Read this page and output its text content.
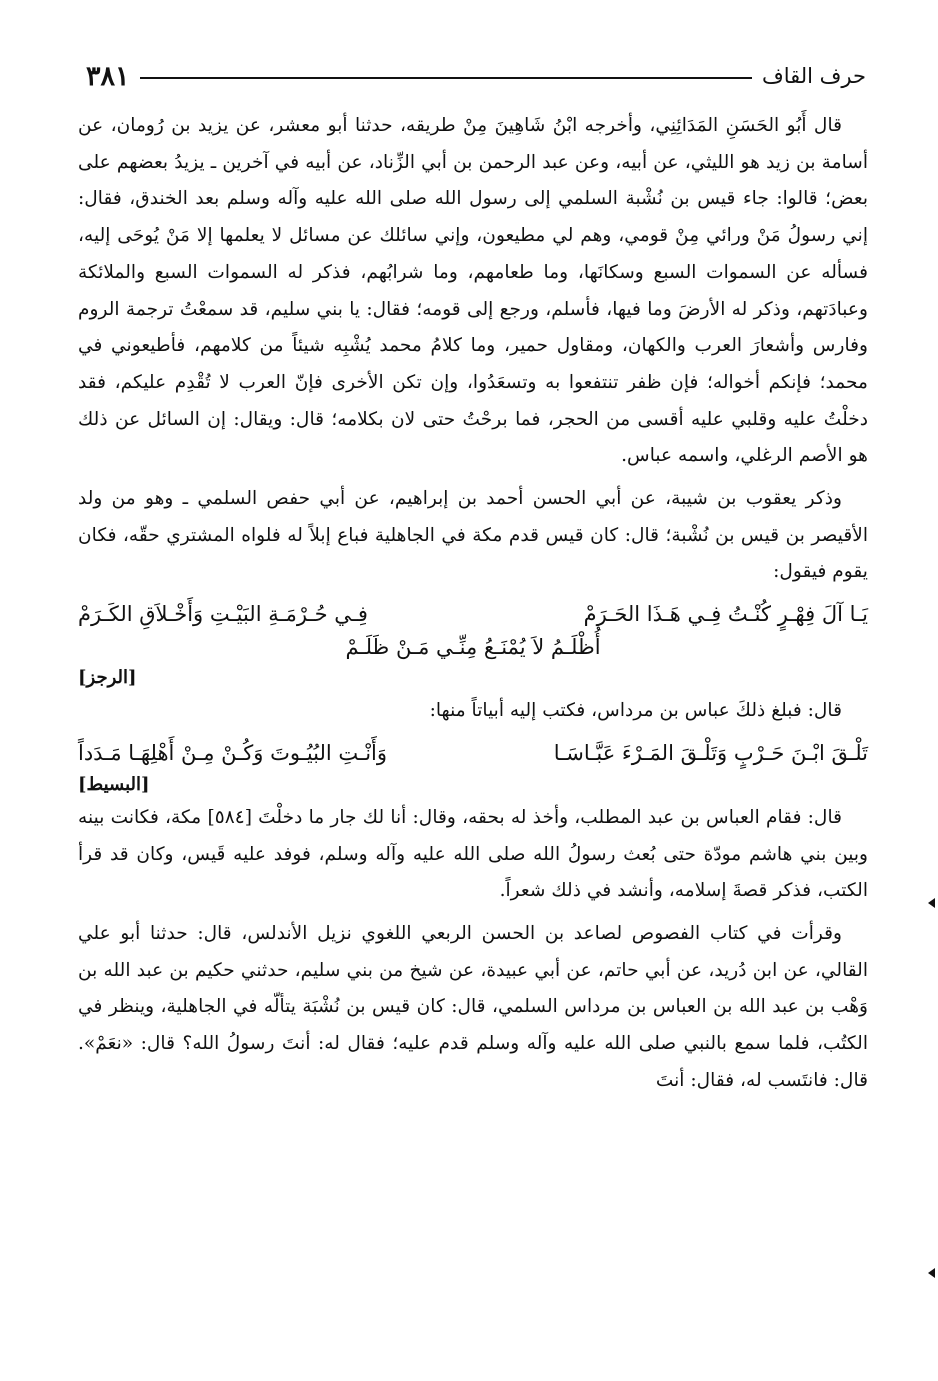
٣٨١	حرف القاف

قال أَبُو الحَسَنِ المَدَائِنِي، وأخرجه ابْنُ شَاهِينَ مِنْ طريقه، حدثنا أبو معشر، عن يزيد بن رُومان، عن أسامة بن زيد هو الليثي، عن أبيه، وعن عبد الرحمن بن أبي الزِّناد، عن أبيه في آخرين ـ يزيدُ بعضهم على بعض؛ قالوا: جاء قيس بن نُشْبة السلمي إلى رسول الله صلى الله عليه وآله وسلم بعد الخندق، فقال: إني رسولُ مَنْ ورائي مِنْ قومي، وهم لي مطيعون، وإني سائلك عن مسائل لا يعلمها إلا مَنْ يُوحَى إليه، فسأله عن السموات السبع وسكانَها، وما طعامهم، وما شرابُهم، فذكر له السموات السبع والملائكة وعبادَتهم، وذكر له الأرضَ وما فيها، فأسلم، ورجع إلى قومه؛ فقال: يا بني سليم، قد سمعْتُ ترجمة الروم وفارس وأشعارَ العرب والكهان، ومقاول حمير، وما كلامُ محمد يُشْبِه شيئاً من كلامهم، فأطيعوني في محمد؛ فإنكم أخواله؛ فإن ظفر تنتفعوا به وتسعَدُوا، وإن تكن الأخرى فإنّ العرب لا تُقْدِم عليكم، فقد دخلْتُ عليه وقلبي عليه أقسى من الحجر، فما برحْتُ حتى لان بكلامه؛ قال: ويقال: إن السائل عن ذلك هو الأصم الرغلي، واسمه عباس.

وذكر يعقوب بن شيبة، عن أبي الحسن أحمد بن إبراهيم، عن أبي حفص السلمي ـ وهو من ولد الأقيصر بن قيس بن نُشْبة؛ قال: كان قيس قدم مكة في الجاهلية فباع إبلاً له فلواه المشتري حقّه، فكان يقوم فيقول:

يَـا آلَ فِهْـرٍ كُنْـتُ فِـي هَـذَا الحَـرَمْ
فِـي حُـرْمَـةِ البَيْـتِ وَأَخْـلاَقِ الكَـرَمْ
أُظْلَـمُ لاَ يُمْنَـعُ مِنِّـي مَـنْ ظَلَـمْ
[الرجز]

قال: فبلغ ذلكَ عباس بن مرداس، فكتب إليه أبياتاً منها:

تَلْـقَ ابْـنَ حَـرْبٍ وَتَلْـقَ المَـرْءَ عَبَّـاسَـا
وَأَنْـتِ البُيُـوتَ وَكُـنْ مِـنْ أَهْلِهَـا مَـدَداً
[البسيط]

قال: فقام العباس بن عبد المطلب، وأخذ له بحقه، وقال: أنا لك جار ما دخلْتَ [٥٨٤] مكة، فكانت بينه وبين بني هاشم مودّة حتى بُعث رسولُ الله صلى الله عليه وآله وسلم، فوفد عليه قَيس، وكان قد قرأ الكتب، فذكر قصةَ إسلامه، وأنشد في ذلك شعراً.

وقرأت في كتاب الفصوص لصاعد بن الحسن الربعي اللغوي نزيل الأندلس، قال: حدثنا أبو علي القالي، عن ابن دُريد، عن أبي حاتم، عن أبي عبيدة، عن شيخ من بني سليم، حدثني حكيم بن عبد الله بن وَهْب بن عبد الله بن العباس بن مرداس السلمي، قال: كان قيس بن نُشْبَة يتألّه في الجاهلية، وينظر في الكتُب، فلما سمع بالنبي صلى الله عليه وآله وسلم قدم عليه؛ فقال له: أنتَ رسولُ الله؟ قال: «نعَمْ». قال: فانتَسب له، فقال: أنتَ
